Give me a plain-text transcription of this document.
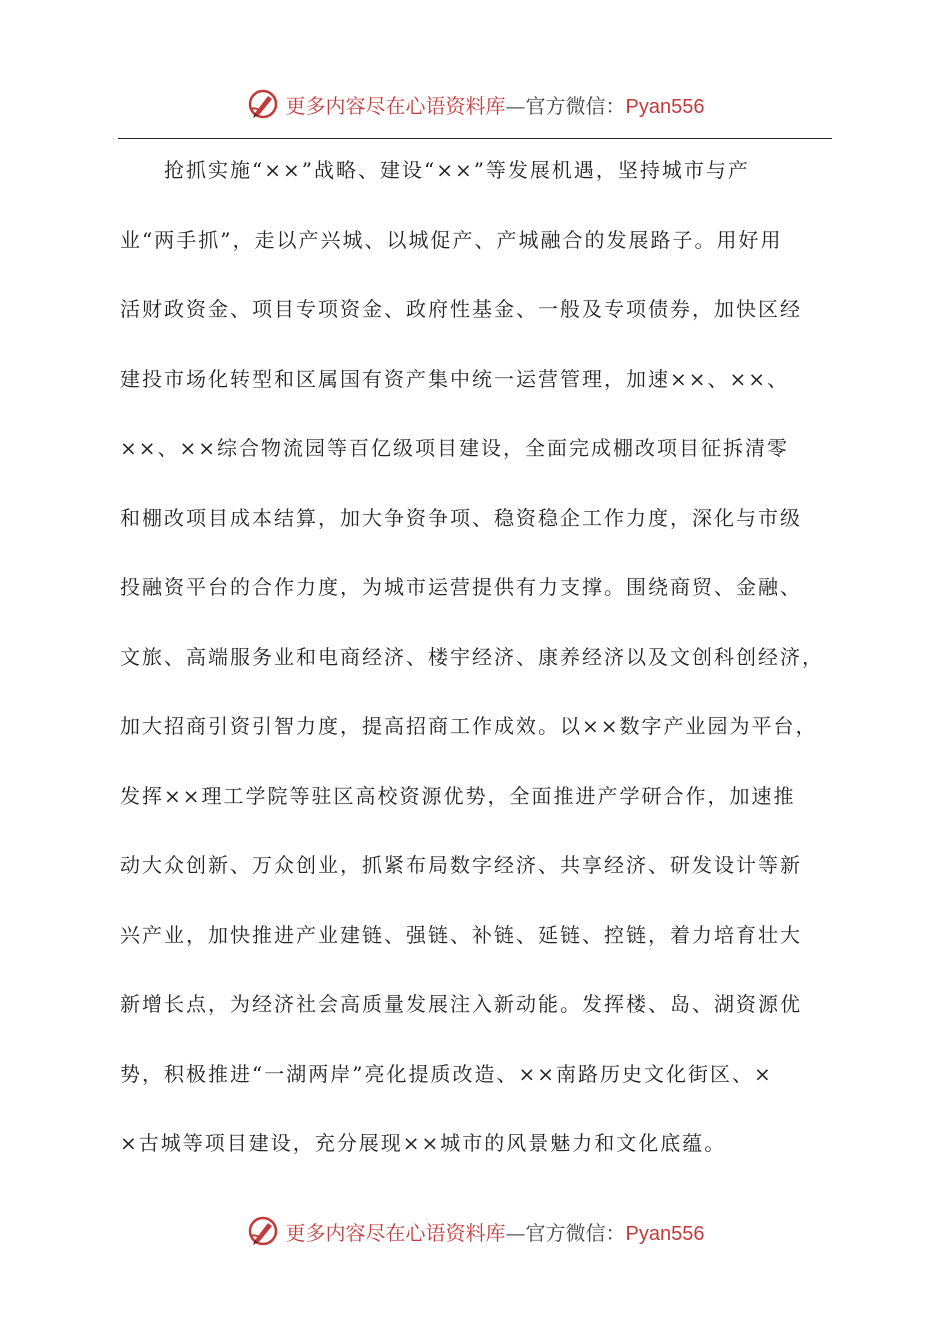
更多内容尽在心语资料库—官方微信：Pyan556
抢抓实施“××”战略、建设“××”等发展机遇，坚持城市与产
业“两手抓”，走以产兴城、以城促产、产城融合的发展路子。用好用
活财政资金、项目专项资金、政府性基金、一般及专项债券，加快区经
建投市场化转型和区属国有资产集中统一运营管理，加速××、××、
××、××综合物流园等百亿级项目建设，全面完成棚改项目征拆清零
和棚改项目成本结算，加大争资争项、稳资稳企工作力度，深化与市级
投融资平台的合作力度，为城市运营提供有力支撑。围绕商贸、金融、
文旅、高端服务业和电商经济、楼宇经济、康养经济以及文创科创经济，
加大招商引资引智力度，提高招商工作成效。以××数字产业园为平台，
发挥××理工学院等驻区高校资源优势，全面推进产学研合作，加速推
动大众创新、万众创业，抓紧布局数字经济、共享经济、研发设计等新
兴产业，加快推进产业建链、强链、补链、延链、控链，着力培育壮大
新增长点，为经济社会高质量发展注入新动能。发挥楼、岛、湖资源优
势，积极推进“一湖两岸”亮化提质改造、××南路历史文化街区、×
×古城等项目建设，充分展现××城市的风景魅力和文化底蕴。
更多内容尽在心语资料库—官方微信：Pyan556
